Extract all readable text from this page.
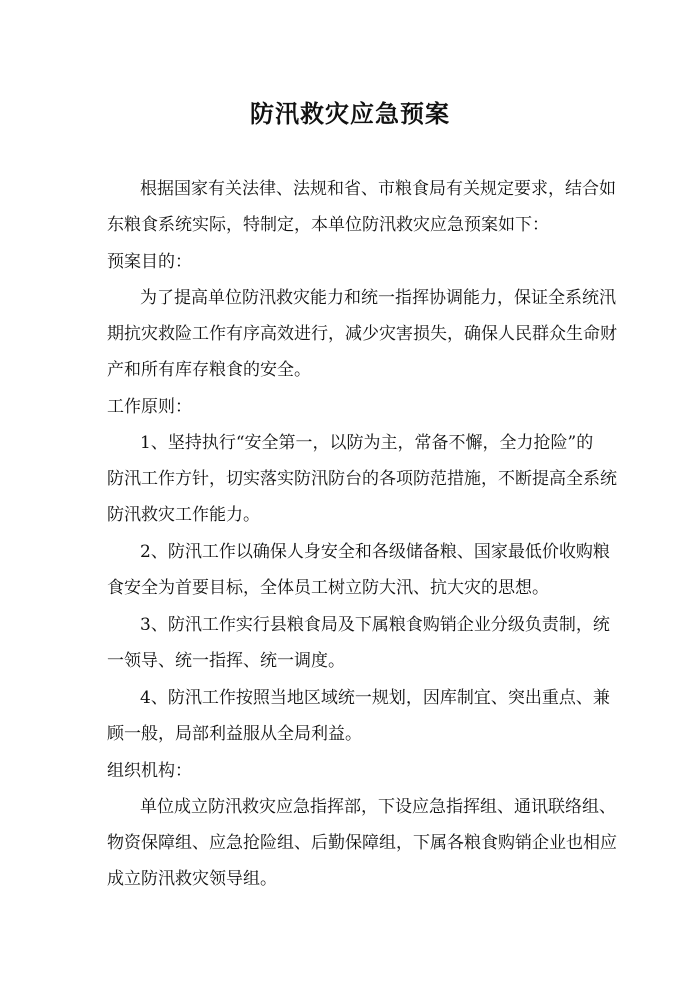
防汛救灾应急预案
根据国家有关法律、法规和省、市粮食局有关规定要求，结合如
东粮食系统实际，特制定，本单位防汛救灾应急预案如下：
预案目的：
为了提高单位防汛救灾能力和统一指挥协调能力，保证全系统汛
期抗灾救险工作有序高效进行，减少灾害损失，确保人民群众生命财
产和所有库存粮食的安全。
工作原则：
1、坚持执行“安全第一，以防为主，常备不懈，全力抢险”的
防汛工作方针，切实落实防汛防台的各项防范措施，不断提高全系统
防汛救灾工作能力。
2、防汛工作以确保人身安全和各级储备粮、国家最低价收购粮
食安全为首要目标，全体员工树立防大汛、抗大灾的思想。
3、防汛工作实行县粮食局及下属粮食购销企业分级负责制，统
一领导、统一指挥、统一调度。
4、防汛工作按照当地区域统一规划，因库制宜、突出重点、兼
顾一般，局部利益服从全局利益。
组织机构：
单位成立防汛救灾应急指挥部，下设应急指挥组、通讯联络组、
物资保障组、应急抢险组、后勤保障组，下属各粮食购销企业也相应
成立防汛救灾领导组。
